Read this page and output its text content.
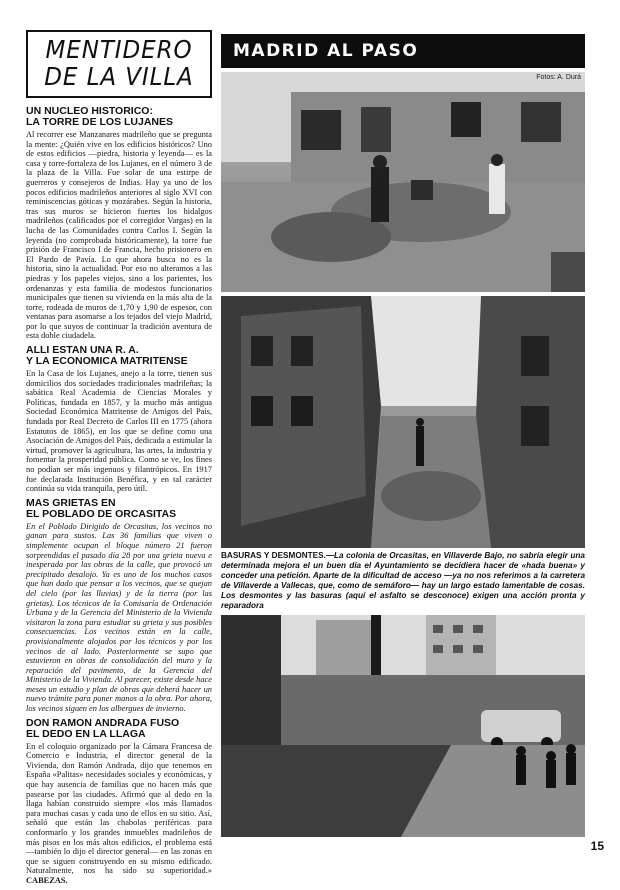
MENTIDERO
DE LA VILLA
UN NUCLEO HISTORICO:
LA TORRE DE LOS LUJANES

Al recorrer ese Manzanares madrileño que se pregunta la mente: ¿Quién vive en los edificios históricos? Uno de estos edificios —piedra, historia y leyenda— es la casa y torre-fortaleza de los Lujanes, en el número 3 de la plaza de la Villa. Fue solar de una estirpe de guerreros y consejeros de Indias. Hay ya uno de los pocos edificios madrileños anteriores al siglo XVI con reminiscencias góticas y mozárabes. Según la historia, tras sus muros se hicieron fuertes los hidalgos madrileños (calificados por el corregidor Vargas) en la lucha de las Comunidades contra Carlos I. Según la leyenda (no comprobada históricamente), la torre fue prisión de Francisco I de Francia, hecho prisionero en El Pardo de Pavía. Lo que ahora busca no es la historia, sino la actualidad. Por eso no alteramos a las piedras y los papeles viejos, sino a los parientes, los ordenanzas y esta familia de modestos funcionarios municipales que tienen su vivienda en la más alta de la torre, rodeada de muros de 1,70 y 1,90 de espesor, con ventanas para asomarse a los tejados del viejo Madrid, por lo que suyos de continuar la tradición aventura de esta doble ciudadela.

ALLI ESTAN UNA R. A.
Y LA ECONOMICA MATRITENSE

En la Casa de los Lujanes, anejo a la torre, tienen sus domicilios dos sociedades tradicionales madrileñas; la sabática Real Academia de Ciencias Morales y Políticas, fundada en 1857, y la mucho más antigua Sociedad Económica Matritense de Amigos del País, fundada por Real Decreto de Carlos III en 1775 (ahora Estatutos de 1865), en los que se define como una Asociación de Amigos del País, dedicada a estimular la virtud, promover la agricultura, las artes, la industria y fomentar la prosperidad pública. Como se ve, los fines no podían ser más ingenuos y filantrópicos. En 1917 fue declarada Institución Benéfica, y en tal carácter continúa su vida tranquila, pero útil.

MAS GRIETAS EN
EL POBLADO DE ORCASITAS

En el Poblado Dirigido de Orcasitas, los vecinos no ganan para sustos. Las 36 familias que viven o simplemente ocupan el bloque número 21 fueron sorprendidas el pasado día 28 por una grieta nueva e inesperada por las obras de la calle, que provocó un precipitado desalojo. Ya es uno de los muchos casos que han dado que pensar a los vecinos, que se quejan del cielo (por las lluvias) y de la tierra (por las grietas). Los técnicos de la Comisaría de Ordenación Urbana y de la Gerencia del Ministerio de la Vivienda visitaron la zona para estudiar su grieta y sus posibles consecuencias. Los vecinos están en la calle, provisionalmente alojados por los técnicos y por los vecinos de al lado. Posteriormente se supo que estuvieron en obras de consolidación del muro y la reparación del pavimento, de la Gerencia del Ministerio de la Vivienda. Al parecer, existe desde hace meses un estudio y plan de obras que deberá hacer un nuevo trámite para poner manos a la obra. Por ahora, los vecinos siguen en los albergues de invierno.

DON RAMON ANDRADA FUSO
EL DEDO EN LA LLAGA

En el coloquio organizado por la Cámara Francesa de Comercio e Industria, el director general de la Vivienda, don Ramón Andrada, dijo que tenemos en España «Palitas» necesidades sociales y económicas, y que hay ausencia de familias que no hacen más que pasearse por las ciudades. Afirmó que al dedo en la llaga habían construido siempre «los más llamados para muchas casas y cada uno de ellos en su sitio. Así, señaló que están las chabolas periféricas para conformarlo y los grandes inmuebles madrileños de más pisos en los más altos edificios, el problema está —también lo dijo el director general— en las zonas en que se siguen construyendo en su mismo edificado. Naturalmente, nos ha sido su superioridad.» CABEZAS.

MADRID AL PASO
Fotos: A. Durá

BASURAS Y DESMONTES.—La colonia de Orcasitas, en Villaverde Bajo, no sabría elegir una determinada mejora el un buen día el Ayuntamiento se decidiera hacer de «hada buena» y conceder una petición. Aparte de la dificultad de acceso —ya no nos referimos a la carretera de Villaverde a Vallecas, que, como de semáforo— hay un largo estado lamentable de cosas. Los desmontes y las basuras (aquí el asfalto se desconoce) exigen una acción pronta y reparadora

15
